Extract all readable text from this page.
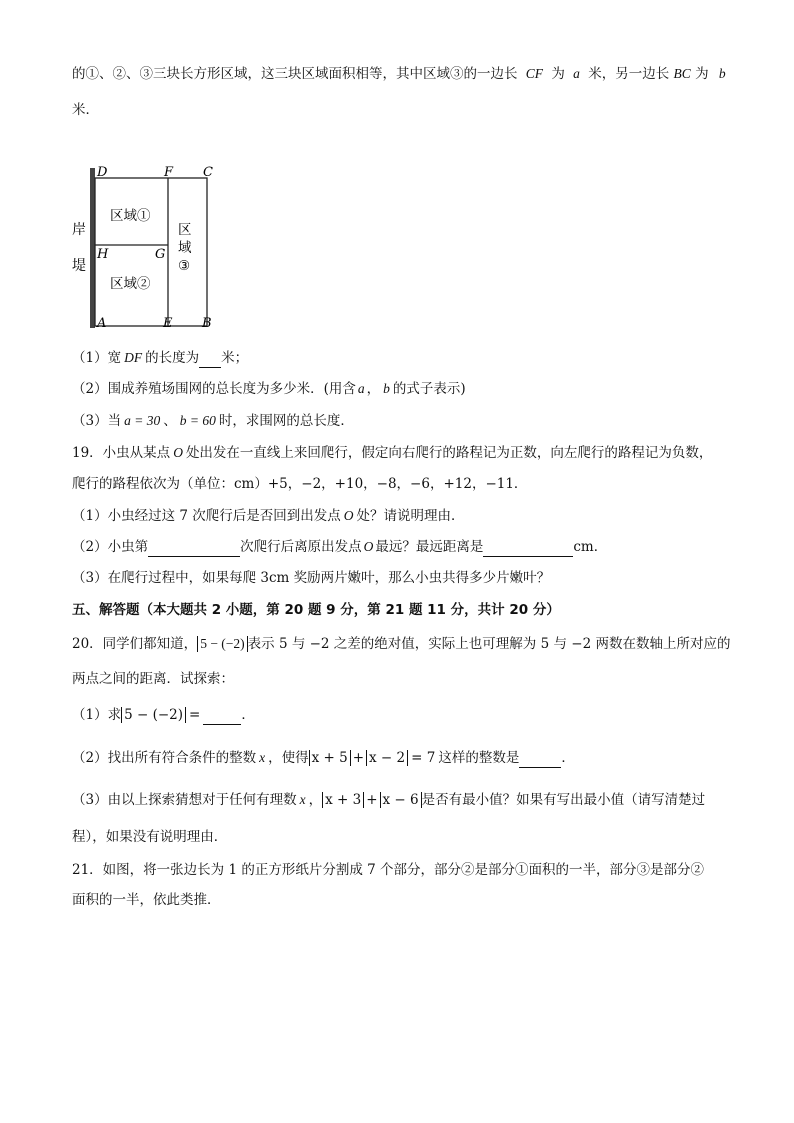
的①、②、③三块长方形区域，这三块区域面积相等，其中区域③的一边长 CF 为 a 米，另一边长 BC 为 b
米．
D	F C
H	G
A	E B
岸
堤
区域①
区域②
区
域
③
（1）宽 DF 的长度为 米；
（2）围成养殖场围网的总长度为多少米．(用含 a ， b 的式子表示)
（3）当 a = 30 、 b = 60 时，求围网的总长度．
19．小虫从某点 O 处出发在一直线上来回爬行，假定向右爬行的路程记为正数，向左爬行的路程记为负数，
爬行的路程依次为（单位：cm）+5，−2，+10，−8，−6，+12，−11．
（1）小虫经过这 7 次爬行后是否回到出发点 O 处？请说明理由．
（2）小虫第	次爬行后离原出发点 O 最远？最远距离是	cm．
（3）在爬行过程中，如果每爬 3cm 奖励两片嫩叶，那么小虫共得多少片嫩叶？
五、解答题（本大题共 2 小题，第 20 题 9 分，第 21 题 11 分，共计 20 分）
20．同学们都知道， 5 − (−2) 表示 5 与 −2 之差的绝对值，实际上也可理解为 5 与 −2 两数在数轴上所对应的
两点之间的距离．试探索：
（1）求 5 − (−2) =	．
（2）找出所有符合条件的整数 x ，使得 x + 5 + x − 2 = 7 这样的整数是	．
（3）由以上探索猜想对于任何有理数 x ， x + 3 + x − 6 是否有最小值？如果有写出最小值（请写清楚过
程），如果没有说明理由．
21．如图，将一张边长为 1 的正方形纸片分割成 7 个部分，部分②是部分①面积的一半，部分③是部分②
面积的一半，依此类推．
